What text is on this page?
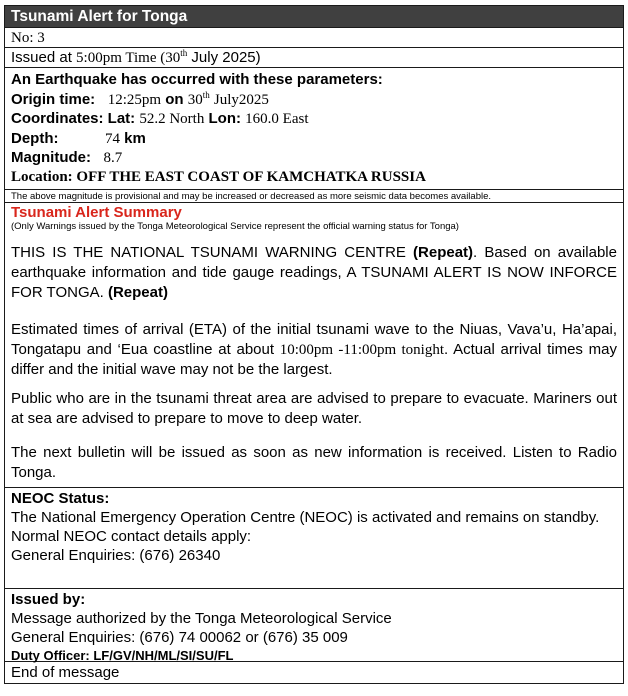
Tsunami Alert for Tonga
No: 3
Issued at 5:00pm Time (30th July 2025)
An Earthquake has occurred with these parameters:
Origin time: 12:25pm on 30th July2025
Coordinates: Lat: 52.2 North Lon: 160.0 East
Depth:	74 km
Magnitude: 8.7
Location: OFF THE EAST COAST OF KAMCHATKA RUSSIA
The above magnitude is provisional and may be increased or decreased as more seismic data becomes available.
Tsunami Alert Summary
(Only Warnings issued by the Tonga Meteorological Service represent the official warning status for Tonga)
THIS IS THE NATIONAL TSUNAMI WARNING CENTRE (Repeat). Based on available earthquake information and tide gauge readings, A TSUNAMI ALERT IS NOW INFORCE FOR TONGA. (Repeat)
Estimated times of arrival (ETA) of the initial tsunami wave to the Niuas, Vava’u, Ha’apai, Tongatapu and ‘Eua coastline at about 10:00pm -11:00pm tonight. Actual arrival times may differ and the initial wave may not be the largest.
Public who are in the tsunami threat area are advised to prepare to evacuate. Mariners out at sea are advised to prepare to move to deep water.
The next bulletin will be issued as soon as new information is received. Listen to Radio Tonga.
NEOC Status:
The National Emergency Operation Centre (NEOC) is activated and remains on standby.
Normal NEOC contact details apply:
General Enquiries: (676) 26340
Issued by:
Message authorized by the Tonga Meteorological Service
General Enquiries: (676) 74 00062 or (676) 35 009
Duty Officer: LF/GV/NH/ML/SI/SU/FL
End of message
